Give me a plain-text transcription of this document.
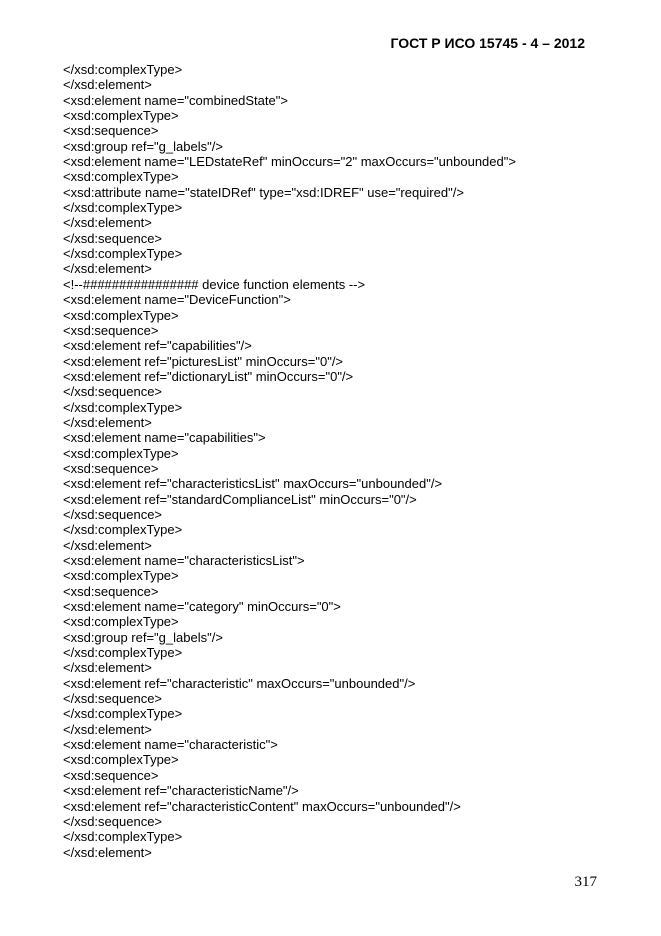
ГОСТ Р ИСО 15745 - 4 – 2012
</xsd:complexType>
</xsd:element>
<xsd:element name="combinedState">
<xsd:complexType>
<xsd:sequence>
<xsd:group ref="g_labels"/>
<xsd:element name="LEDstateRef" minOccurs="2" maxOccurs="unbounded">
<xsd:complexType>
<xsd:attribute name="stateIDRef" type="xsd:IDREF" use="required"/>
</xsd:complexType>
</xsd:element>
</xsd:sequence>
</xsd:complexType>
</xsd:element>
<!--################ device function elements -->
<xsd:element name="DeviceFunction">
<xsd:complexType>
<xsd:sequence>
<xsd:element ref="capabilities"/>
<xsd:element ref="picturesList" minOccurs="0"/>
<xsd:element ref="dictionaryList" minOccurs="0"/>
</xsd:sequence>
</xsd:complexType>
</xsd:element>
<xsd:element name="capabilities">
<xsd:complexType>
<xsd:sequence>
<xsd:element ref="characteristicsList" maxOccurs="unbounded"/>
<xsd:element ref="standardComplianceList" minOccurs="0"/>
</xsd:sequence>
</xsd:complexType>
</xsd:element>
<xsd:element name="characteristicsList">
<xsd:complexType>
<xsd:sequence>
<xsd:element name="category" minOccurs="0">
<xsd:complexType>
<xsd:group ref="g_labels"/>
</xsd:complexType>
</xsd:element>
<xsd:element ref="characteristic" maxOccurs="unbounded"/>
</xsd:sequence>
</xsd:complexType>
</xsd:element>
<xsd:element name="characteristic">
<xsd:complexType>
<xsd:sequence>
<xsd:element ref="characteristicName"/>
<xsd:element ref="characteristicContent" maxOccurs="unbounded"/>
</xsd:sequence>
</xsd:complexType>
</xsd:element>
317
